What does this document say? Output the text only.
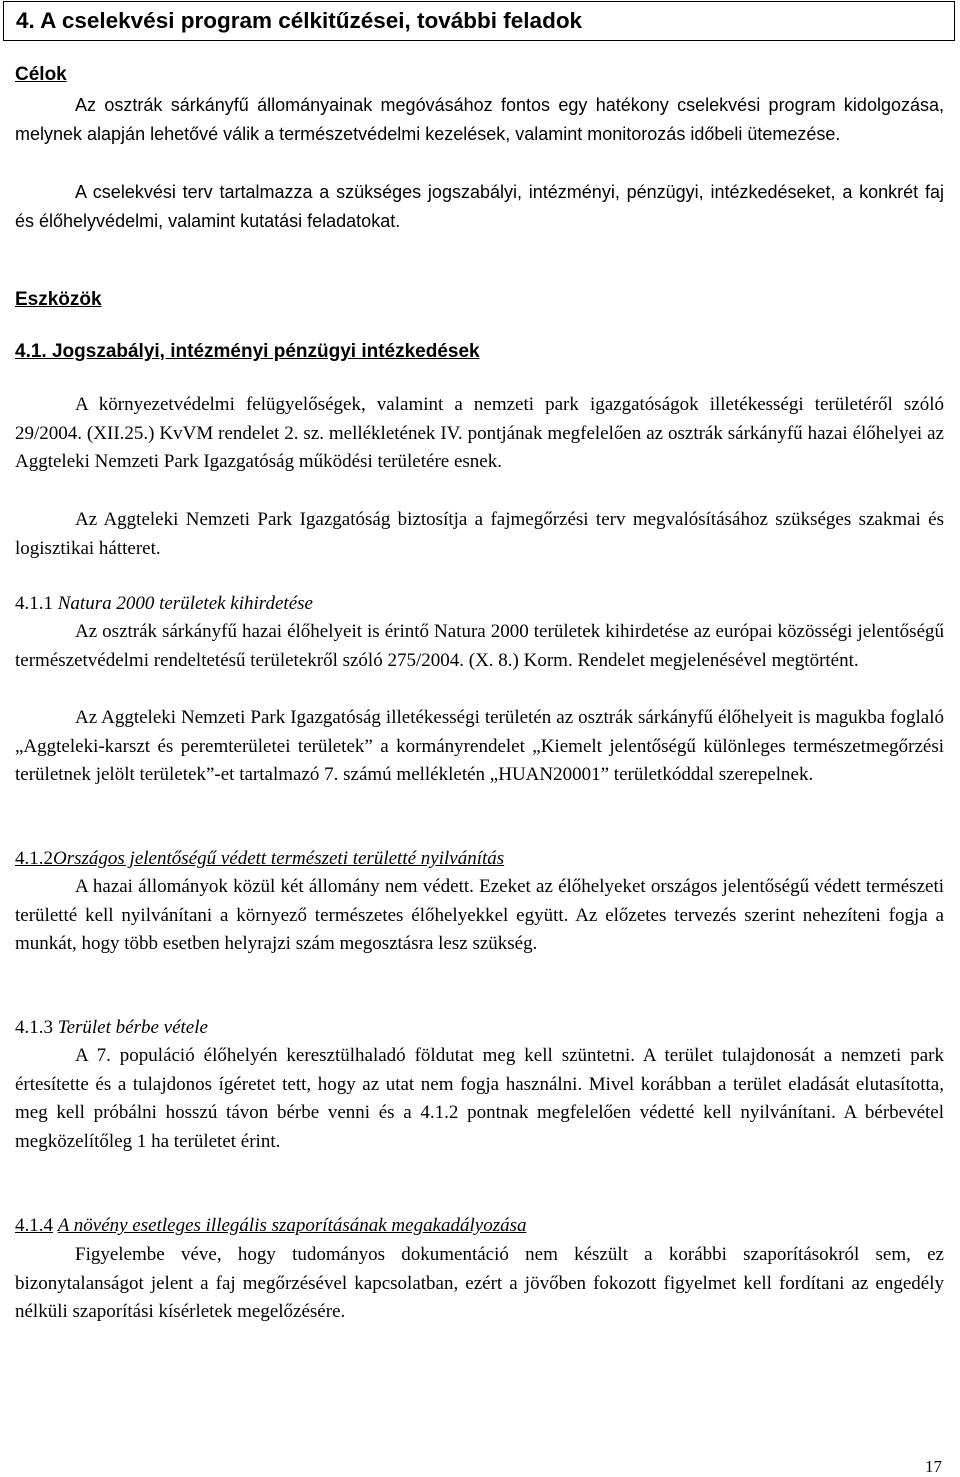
4. A cselekvési program célkitűzései, további feladok
Célok

Az osztrák sárkányfű állományainak megóvásához fontos egy hatékony cselekvési program kidolgozása, melynek alapján lehetővé válik a természetvédelmi kezelések, valamint monitorozás időbeli ütemezése.

A cselekvési terv tartalmazza a szükséges jogszabályi, intézményi, pénzügyi, intézkedéseket, a konkrét faj és élőhelyvédelmi, valamint kutatási feladatokat.

Eszközök
4.1. Jogszabályi, intézményi pénzügyi intézkedések

A környezetvédelmi felügyelőségek, valamint a nemzeti park igazgatóságok illetékességi területéről szóló 29/2004. (XII.25.) KvVM rendelet 2. sz. mellékletének IV. pontjának megfelelően az osztrák sárkányfű hazai élőhelyei az Aggteleki Nemzeti Park Igazgatóság működési területére esnek.

Az Aggteleki Nemzeti Park Igazgatóság biztosítja a fajmegőrzési terv megvalósításához szükséges szakmai és logisztikai hátteret.

4.1.1 Natura 2000 területek kihirdetése

Az osztrák sárkányfű hazai élőhelyeit is érintő Natura 2000 területek kihirdetése az európai közösségi jelentőségű természetvédelmi rendeltetésű területekről szóló 275/2004. (X. 8.) Korm. Rendelet megjelenésével megtörtént.

Az Aggteleki Nemzeti Park Igazgatóság illetékességi területén az osztrák sárkányfű élőhelyeit is magukba foglaló „Aggteleki-karszt és peremterületei területek” a kormányrendelet „Kiemelt jelentőségű különleges természetmegőrzési területnek jelölt területek”-et tartalmazó 7. számú mellékletén „HUAN20001” területkóddal szerepelnek.

4.1.2Országos jelentőségű védett természeti területté nyilvánítás

A hazai állományok közül két állomány nem védett. Ezeket az élőhelyeket országos jelentőségű védett természeti területté kell nyilvánítani a környező természetes élőhelyekkel együtt. Az előzetes tervezés szerint nehezíteni fogja a munkát, hogy több esetben helyrajzi szám megosztásra lesz szükség.

4.1.3 Terület bérbe vétele

A 7. populáció élőhelyén keresztülhaladó földutat meg kell szüntetni. A terület tulajdonosát a nemzeti park értesítette és a tulajdonos ígéretet tett, hogy az utat nem fogja használni. Mivel korábban a terület eladását elutasította, meg kell próbálni hosszú távon bérbe venni és a 4.1.2 pontnak megfelelően védetté kell nyilvánítani. A bérbevétel megközelítőleg 1 ha területet érint.

4.1.4 A növény esetleges illegális szaporításának megakadályozása

Figyelembe véve, hogy tudományos dokumentáció nem készült a korábbi szaporításokról sem, ez bizonytalanságot jelent a faj megőrzésével kapcsolatban, ezért a jövőben fokozott figyelmet kell fordítani az engedély nélküli szaporítási kísérletek megelőzésére.

17
